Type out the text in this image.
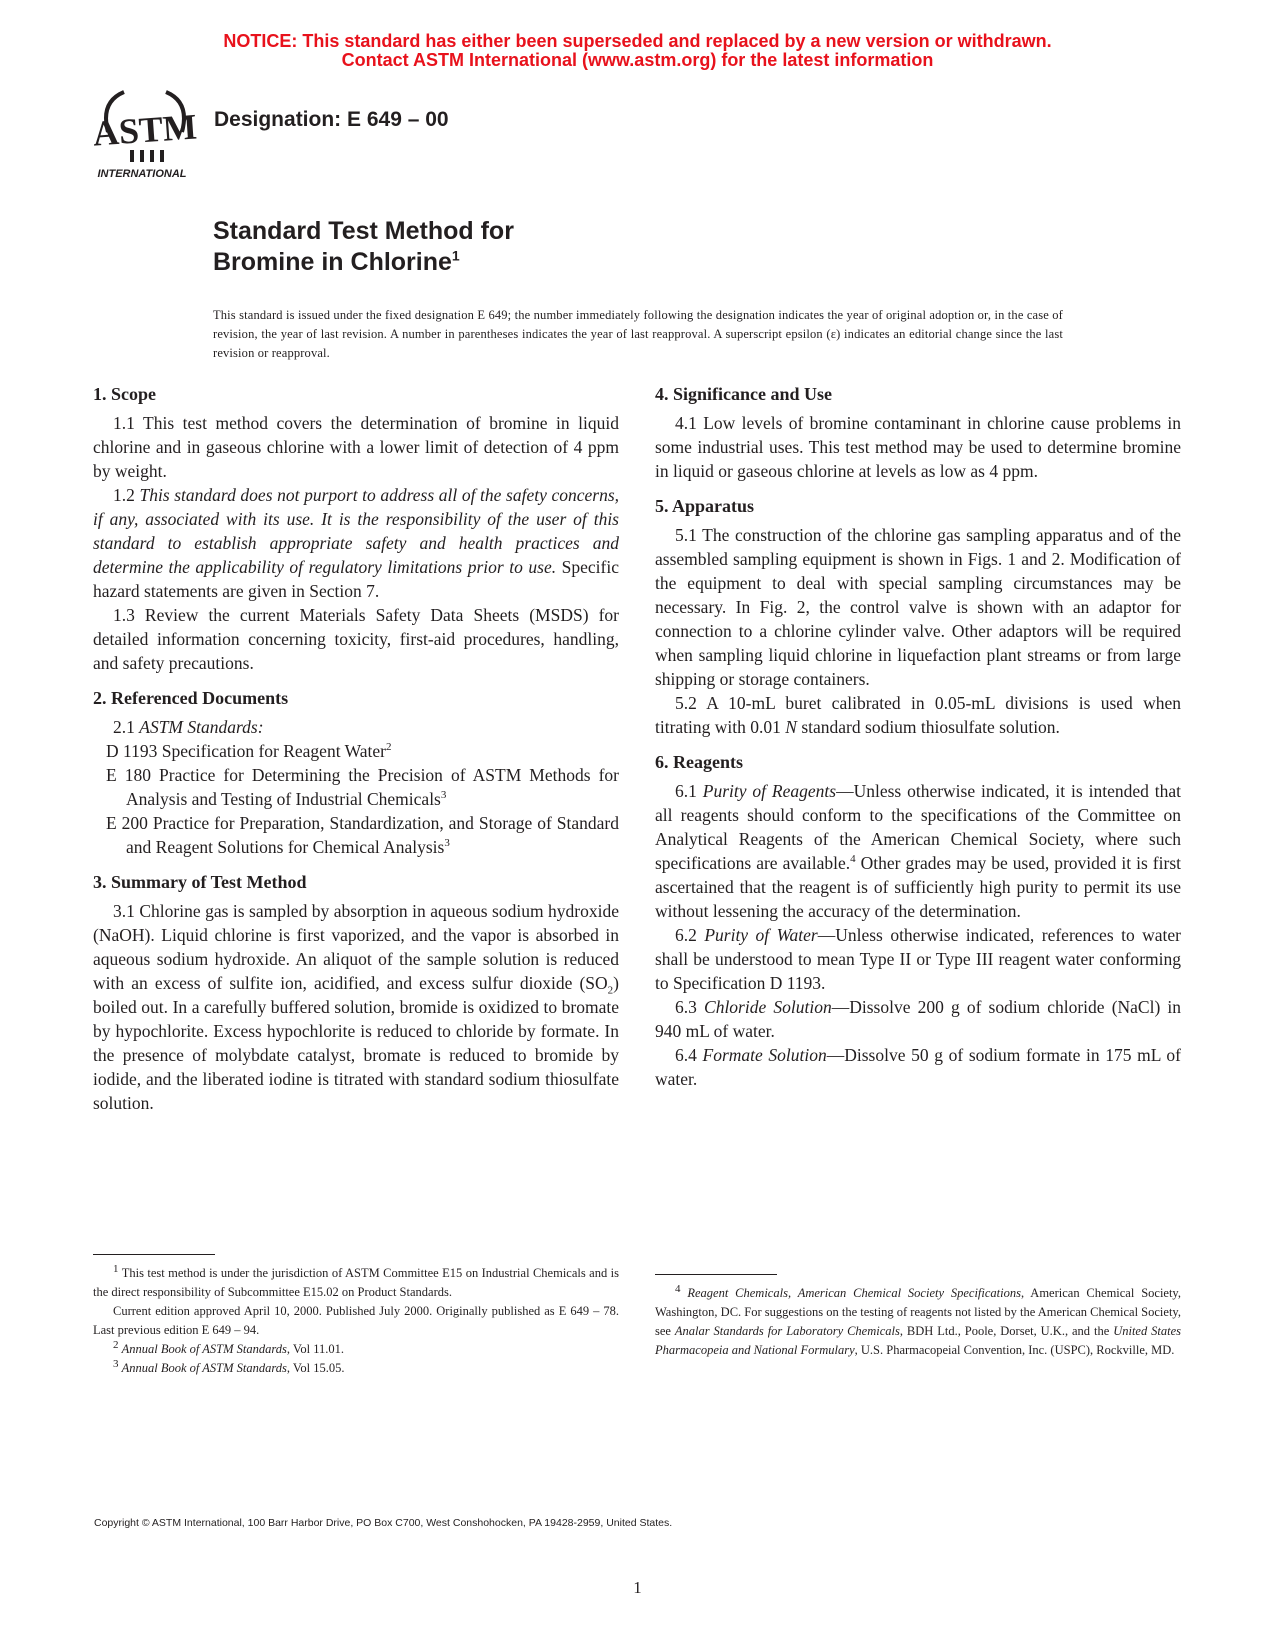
NOTICE: This standard has either been superseded and replaced by a new version or withdrawn.
Contact ASTM International (www.astm.org) for the latest information
ASTM
INTERNATIONAL
Designation: E 649 – 00
Standard Test Method for
Bromine in Chlorine$^1$
This standard is issued under the fixed designation E 649; the number immediately following the designation indicates the year of original adoption or, in the case of revision, the year of last revision. A number in parentheses indicates the year of last reapproval. A superscript epsilon (ε) indicates an editorial change since the last revision or reapproval.
1. Scope

1.1 This test method covers the determination of bromine in liquid chlorine and in gaseous chlorine with a lower limit of detection of 4 ppm by weight.

1.2 This standard does not purport to address all of the safety concerns, if any, associated with its use. It is the responsibility of the user of this standard to establish appropriate safety and health practices and determine the applicability of regulatory limitations prior to use. Specific hazard statements are given in Section 7.

1.3 Review the current Materials Safety Data Sheets (MSDS) for detailed information concerning toxicity, first-aid procedures, handling, and safety precautions.

2. Referenced Documents

2.1 ASTM Standards:

D 1193 Specification for Reagent Water$^2$

E 180 Practice for Determining the Precision of ASTM Methods for Analysis and Testing of Industrial Chemicals$^3$

E 200 Practice for Preparation, Standardization, and Storage of Standard and Reagent Solutions for Chemical Analysis$^3$

3. Summary of Test Method

3.1 Chlorine gas is sampled by absorption in aqueous sodium hydroxide (NaOH). Liquid chlorine is first vaporized, and the vapor is absorbed in aqueous sodium hydroxide. An aliquot of the sample solution is reduced with an excess of sulfite ion, acidified, and excess sulfur dioxide $(SO_2)$ boiled out. In a carefully buffered solution, bromide is oxidized to bromate by hypochlorite. Excess hypochlorite is reduced to chloride by formate. In the presence of molybdate catalyst, bromate is reduced to bromide by iodide, and the liberated iodine is titrated with standard sodium thiosulfate solution.

4. Significance and Use

4.1 Low levels of bromine contaminant in chlorine cause problems in some industrial uses. This test method may be used to determine bromine in liquid or gaseous chlorine at levels as low as 4 ppm.

5. Apparatus

5.1 The construction of the chlorine gas sampling apparatus and of the assembled sampling equipment is shown in Figs. 1 and 2. Modification of the equipment to deal with special sampling circumstances may be necessary. In Fig. 2, the control valve is shown with an adaptor for connection to a chlorine cylinder valve. Other adaptors will be required when sampling liquid chlorine in liquefaction plant streams or from large shipping or storage containers.

5.2 A 10-mL buret calibrated in 0.05-mL divisions is used when titrating with 0.01 N standard sodium thiosulfate solution.

6. Reagents

6.1 Purity of Reagents—Unless otherwise indicated, it is intended that all reagents should conform to the specifications of the Committee on Analytical Reagents of the American Chemical Society, where such specifications are available.$^4$ Other grades may be used, provided it is first ascertained that the reagent is of sufficiently high purity to permit its use without lessening the accuracy of the determination.

6.2 Purity of Water—Unless otherwise indicated, references to water shall be understood to mean Type II or Type III reagent water conforming to Specification D 1193.

6.3 Chloride Solution—Dissolve 200 g of sodium chloride (NaCl) in 940 mL of water.

6.4 Formate Solution—Dissolve 50 g of sodium formate in 175 mL of water.

$^1$ This test method is under the jurisdiction of ASTM Committee E15 on Industrial Chemicals and is the direct responsibility of Subcommittee E15.02 on Product Standards.

Current edition approved April 10, 2000. Published July 2000. Originally published as E 649 – 78. Last previous edition E 649 – 94.

$^2$ Annual Book of ASTM Standards, Vol 11.01.

$^3$ Annual Book of ASTM Standards, Vol 15.05.

$^4$ Reagent Chemicals, American Chemical Society Specifications, American Chemical Society, Washington, DC. For suggestions on the testing of reagents not listed by the American Chemical Society, see Analar Standards for Laboratory Chemicals, BDH Ltd., Poole, Dorset, U.K., and the United States Pharmacopeia and National Formulary, U.S. Pharmacopeial Convention, Inc. (USPC), Rockville, MD.

Copyright © ASTM International, 100 Barr Harbor Drive, PO Box C700, West Conshohocken, PA 19428-2959, United States.
1
